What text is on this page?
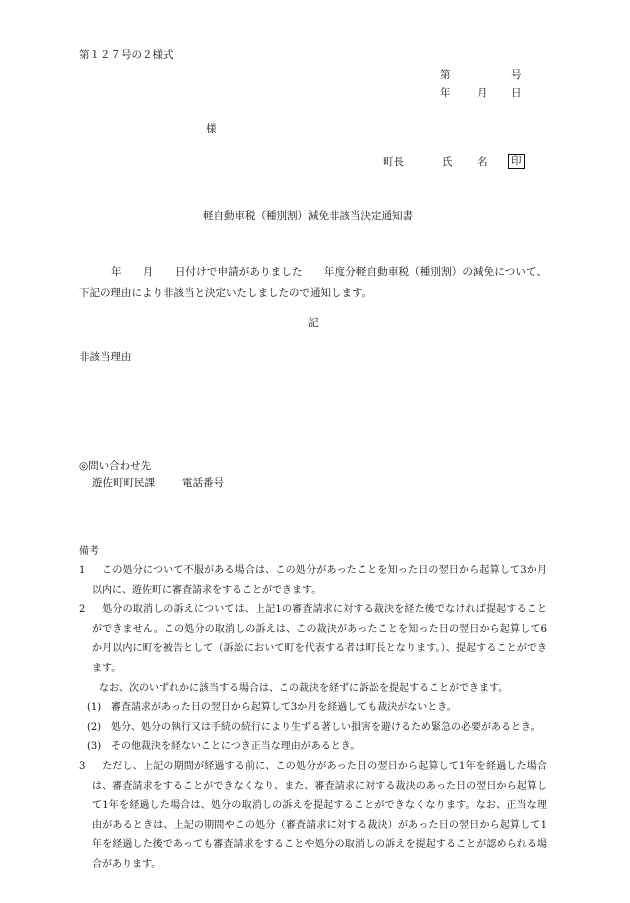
第１２７号の２様式
第	号
年	月 日
様
町長	氏 名 印
軽自動車税（種別割）減免非該当決定通知書

　　　年　　月　　日付けで申請がありました　　年度分軽自動車税（種別割）の減免について、下記の理由により非該当と決定いたしましたので通知します。

記
非該当理由
◎問い合わせ先
遊佐町町民課	電話番号
備考
1 　この処分について不服がある場合は、この処分があったことを知った日の翌日から起算して3か月以内に、遊佐町に審査請求をすることができます。
2 　処分の取消しの訴えについては、上記1の審査請求に対する裁決を経た後でなければ提起することができません。この処分の取消しの訴えは、この裁決があったことを知った日の翌日から起算して6か月以内に町を被告として（訴訟において町を代表する者は町長となります。）、提起することができます。
なお、次のいずれかに該当する場合は、この裁決を経ずに訴訟を提起することができます。
(1) 審査請求があった日の翌日から起算して3か月を経過しても裁決がないとき。
(2) 処分、処分の執行又は手続の続行により生ずる著しい損害を避けるため緊急の必要があるとき。
(3) その他裁決を経ないことにつき正当な理由があるとき。
3 　ただし、上記の期間が経過する前に、この処分があった日の翌日から起算して1年を経過した場合は、審査請求をすることができなくなり、また、審査請求に対する裁決のあった日の翌日から起算して1年を経過した場合は、処分の取消しの訴えを提起することができなくなります。なお、正当な理由があるときは、上記の期間やこの処分（審査請求に対する裁決）があった日の翌日から起算して1年を経過した後であっても審査請求をすることや処分の取消しの訴えを提起することが認められる場合があります。
